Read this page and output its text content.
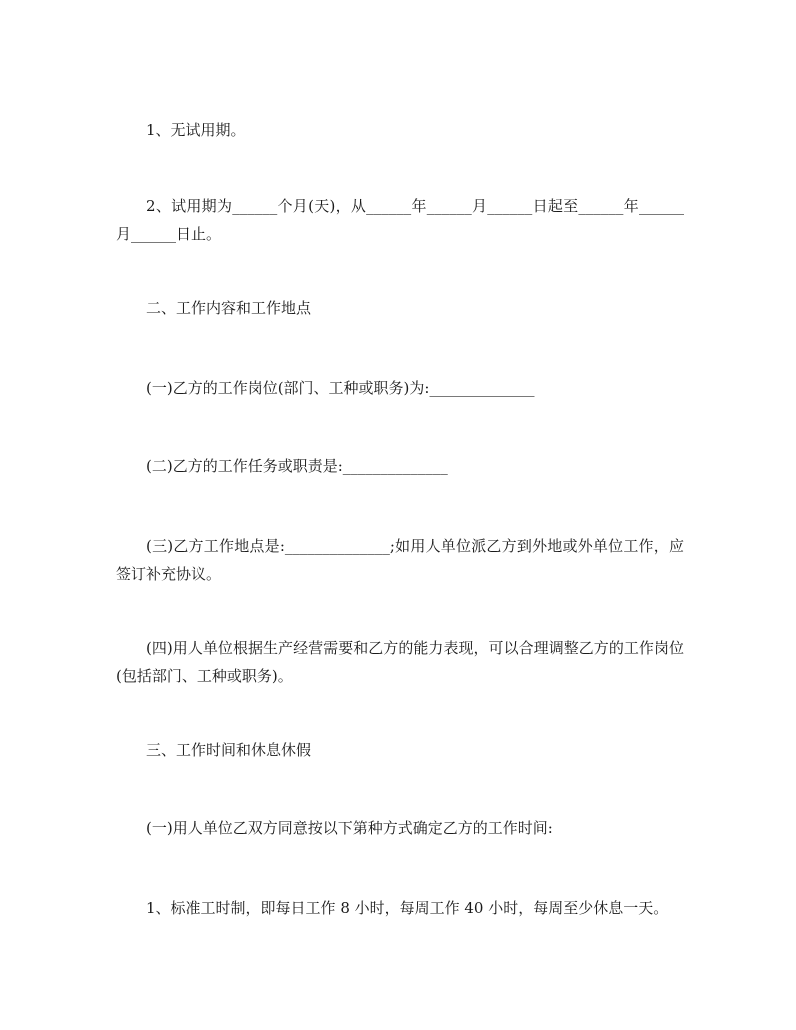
1、无试用期。

2、试用期为______个月(天)，从______年______月______日起至______年______月______日止。

二、工作内容和工作地点

(一)乙方的工作岗位(部门、工种或职务)为:______________

(二)乙方的工作任务或职责是:______________

(三)乙方工作地点是:______________;如用人单位派乙方到外地或外单位工作，应签订补充协议。

(四)用人单位根据生产经营需要和乙方的能力表现，可以合理调整乙方的工作岗位(包括部门、工种或职务)。

三、工作时间和休息休假

(一)用人单位乙双方同意按以下第种方式确定乙方的工作时间:

1、标准工时制，即每日工作 8 小时，每周工作 40 小时，每周至少休息一天。
